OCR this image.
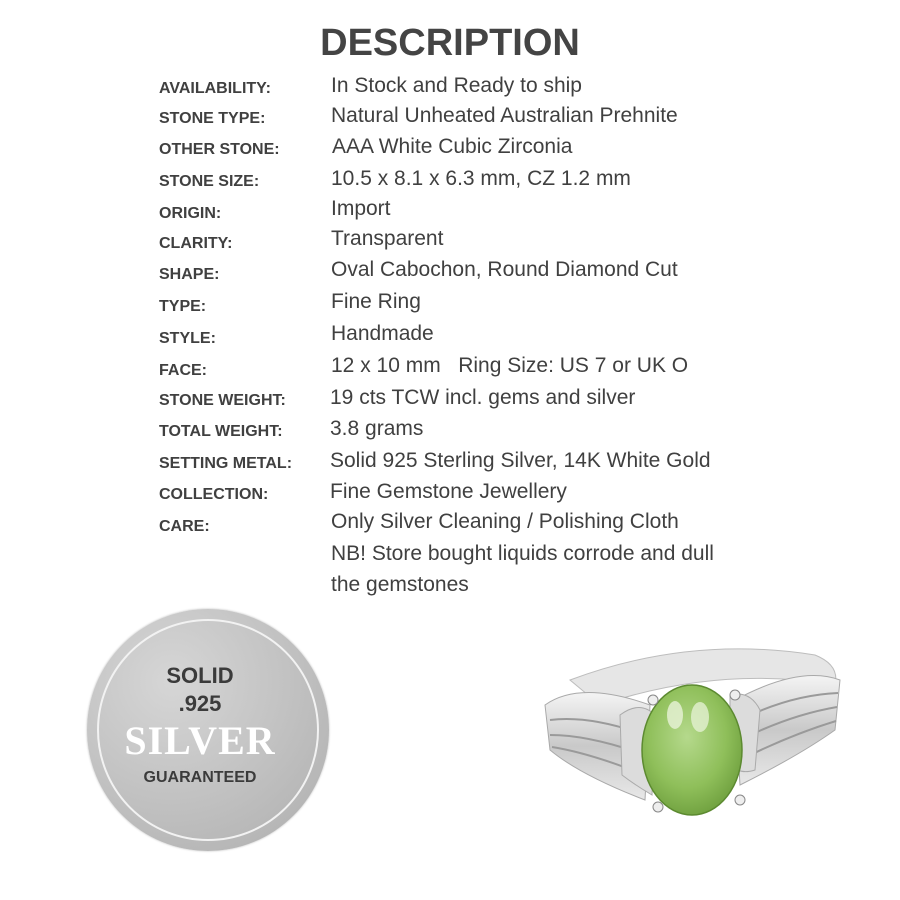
DESCRIPTION
AVAILABILITY:	In Stock and Ready to ship
STONE TYPE:	Natural Unheated Australian Prehnite
OTHER STONE: AAA White Cubic Zirconia
STONE SIZE:	10.5 x 8.1 x 6.3 mm, CZ 1.2 mm
ORIGIN:	Import
CLARITY:	Transparent
SHAPE:	Oval Cabochon, Round Diamond Cut
TYPE:	Fine Ring
STYLE:	Handmade
FACE:	12 x 10 mm   Ring Size: US 7 or UK O
STONE WEIGHT: 19 cts TCW incl. gems and silver
TOTAL WEIGHT: 3.8 grams
SETTING METAL: Solid 925 Sterling Silver, 14K White Gold
COLLECTION:	Fine Gemstone Jewellery
CARE:	Only Silver Cleaning / Polishing Cloth
NB! Store bought liquids corrode and dull
the gemstones
SOLID
.925
SILVER
GUARANTEED
